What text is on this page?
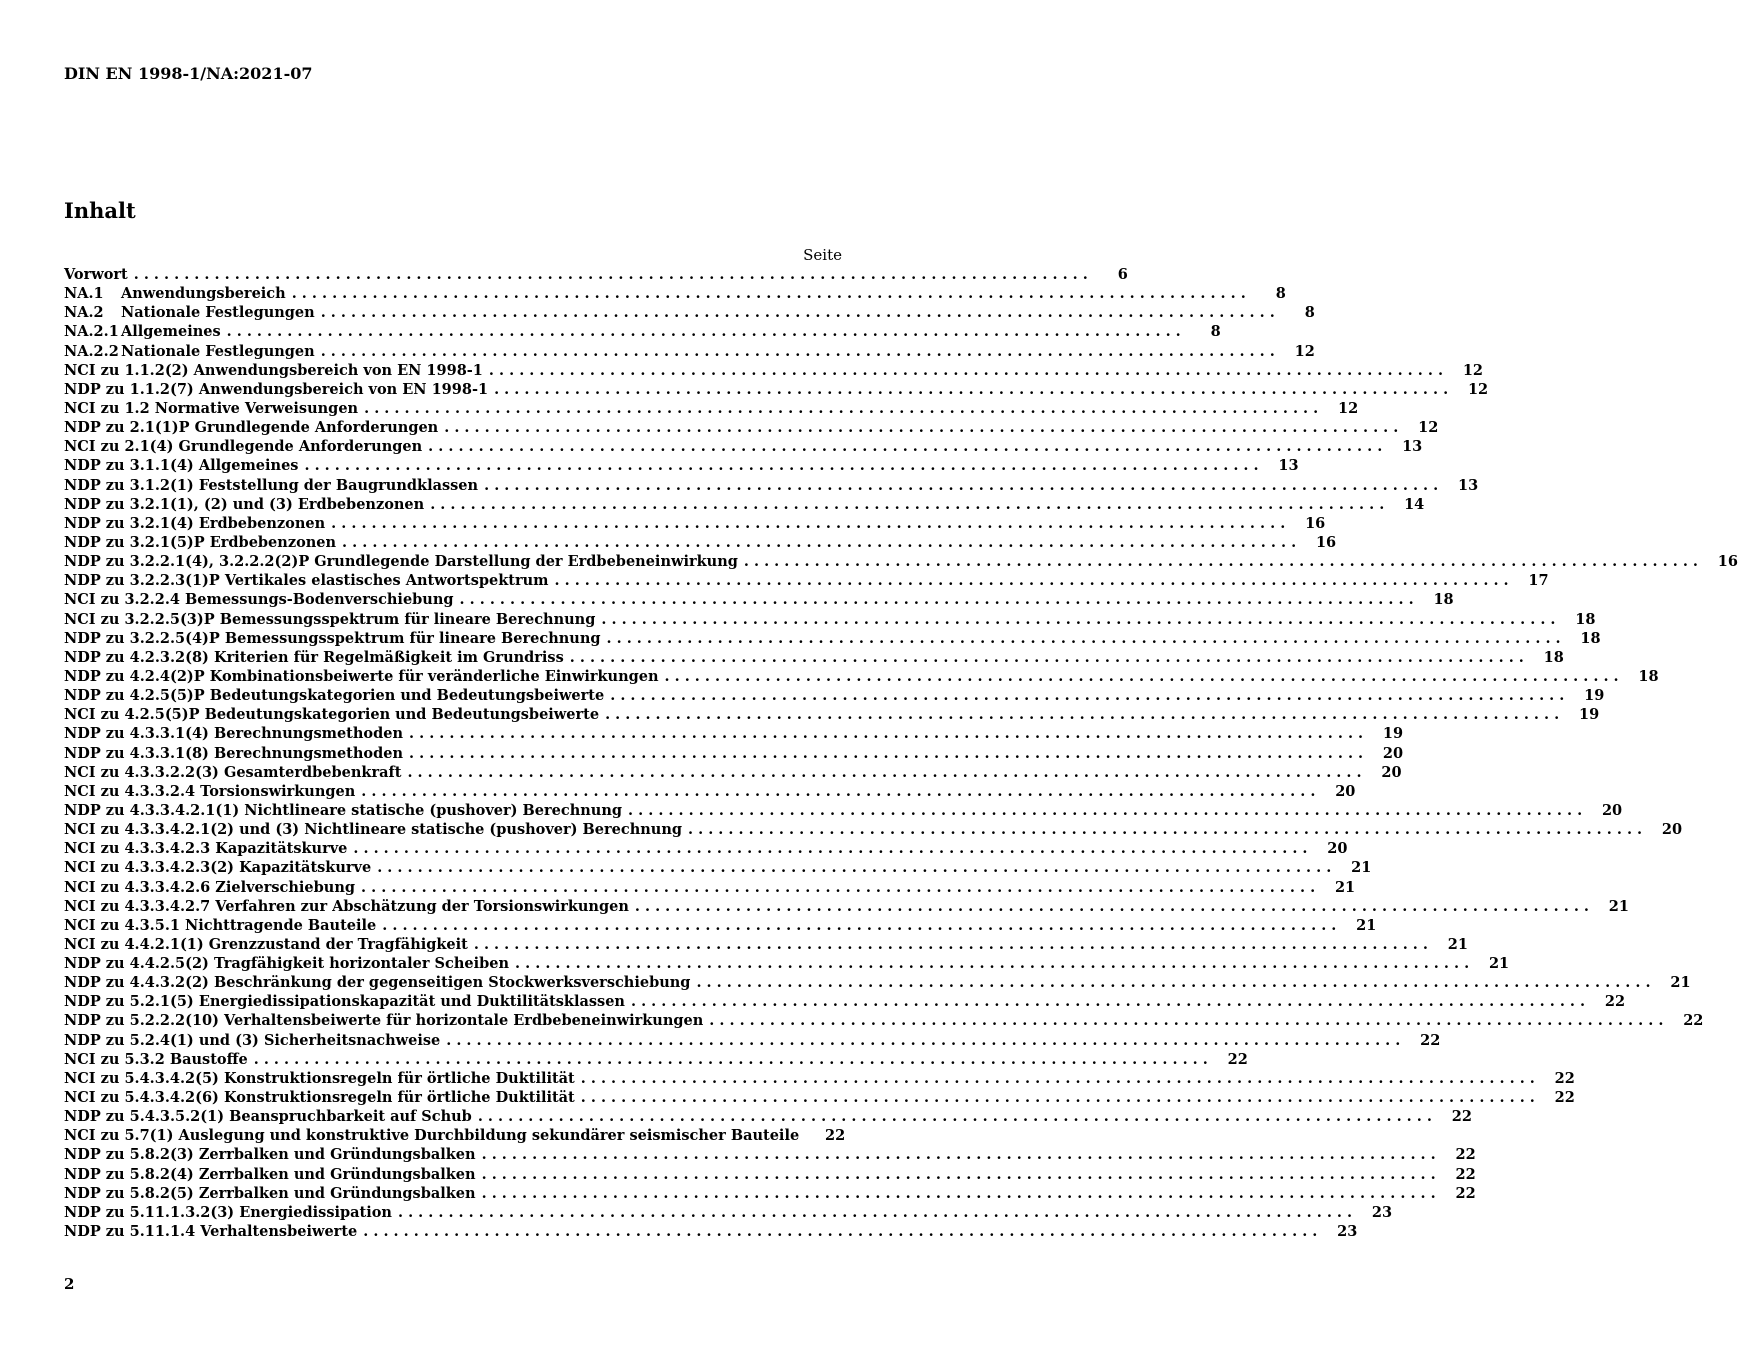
DIN EN 1998-1/NA:2021-07
Inhalt
Seite
Vorwort . . .	6
NA.1	Anwendungsbereich . . .	8
NA.2	Nationale Festlegungen . . .	8
NA.2.1 Allgemeines . . .	8
NA.2.2 Nationale Festlegungen . . .	12
NCI zu 1.1.2(2) Anwendungsbereich von EN 1998-1 . . .	12
NDP zu 1.1.2(7) Anwendungsbereich von EN 1998-1 . . .	12
NCI zu 1.2 Normative Verweisungen . . .	12
NDP zu 2.1(1)P Grundlegende Anforderungen . . .	12
NCI zu 2.1(4) Grundlegende Anforderungen . . .	13
NDP zu 3.1.1(4) Allgemeines . . .	13
NDP zu 3.1.2(1) Feststellung der Baugrundklassen . . .	13
NDP zu 3.2.1(1), (2) und (3) Erdbebenzonen . . .	14
NDP zu 3.2.1(4) Erdbebenzonen . . .	16
NDP zu 3.2.1(5)P Erdbebenzonen . . .	16
NDP zu 3.2.2.1(4), 3.2.2.2(2)P Grundlegende Darstellung der Erdbebeneinwirkung . . .	16
NDP zu 3.2.2.3(1)P Vertikales elastisches Antwortspektrum . . .	17
NCI zu 3.2.2.4 Bemessungs-Bodenverschiebung . . .	18
NCI zu 3.2.2.5(3)P Bemessungsspektrum für lineare Berechnung . . .	18
NDP zu 3.2.2.5(4)P Bemessungsspektrum für lineare Berechnung . . .	18
NDP zu 4.2.3.2(8) Kriterien für Regelmäßigkeit im Grundriss . . .	18
NDP zu 4.2.4(2)P Kombinationsbeiwerte für veränderliche Einwirkungen . . .	18
NDP zu 4.2.5(5)P Bedeutungskategorien und Bedeutungsbeiwerte . . .	19
NCI zu 4.2.5(5)P Bedeutungskategorien und Bedeutungsbeiwerte . . .	19
NDP zu 4.3.3.1(4) Berechnungsmethoden . . .	19
NDP zu 4.3.3.1(8) Berechnungsmethoden . . .	20
NCI zu 4.3.3.2.2(3) Gesamterdbebenkraft . . .	20
NCI zu 4.3.3.2.4 Torsionswirkungen . . .	20
NDP zu 4.3.3.4.2.1(1) Nichtlineare statische (pushover) Berechnung . . .	20
NCI zu 4.3.3.4.2.1(2) und (3) Nichtlineare statische (pushover) Berechnung . . .	20
NCI zu 4.3.3.4.2.3 Kapazitätskurve . . .	20
NCI zu 4.3.3.4.2.3(2) Kapazitätskurve . . .	21
NCI zu 4.3.3.4.2.6 Zielverschiebung . . .	21
NCI zu 4.3.3.4.2.7 Verfahren zur Abschätzung der Torsionswirkungen . . .	21
NCI zu 4.3.5.1 Nichttragende Bauteile . . .	21
NCI zu 4.4.2.1(1) Grenzzustand der Tragfähigkeit . . .	21
NDP zu 4.4.2.5(2) Tragfähigkeit horizontaler Scheiben . . .	21
NDP zu 4.4.3.2(2) Beschränkung der gegenseitigen Stockwerksverschiebung . . .	21
NDP zu 5.2.1(5) Energiedissipationskapazität und Duktilitätsklassen . . .	22
NDP zu 5.2.2.2(10) Verhaltensbeiwerte für horizontale Erdbebeneinwirkungen . . .	22
NDP zu 5.2.4(1) und (3) Sicherheitsnachweise . . .	22
NCI zu 5.3.2 Baustoffe . . .	22
NCI zu 5.4.3.4.2(5) Konstruktionsregeln für örtliche Duktilität . . .	22
NCI zu 5.4.3.4.2(6) Konstruktionsregeln für örtliche Duktilität . . .	22
NDP zu 5.4.3.5.2(1) Beanspruchbarkeit auf Schub . . .	22
NCI zu 5.7(1) Auslegung und konstruktive Durchbildung sekundärer seismischer Bauteile	22
NDP zu 5.8.2(3) Zerrbalken und Gründungsbalken . . .	22
NDP zu 5.8.2(4) Zerrbalken und Gründungsbalken . . .	22
NDP zu 5.8.2(5) Zerrbalken und Gründungsbalken . . .	22
NDP zu 5.11.1.3.2(3) Energiedissipation . . .	23
NDP zu 5.11.1.4 Verhaltensbeiwerte . . .	23
2
